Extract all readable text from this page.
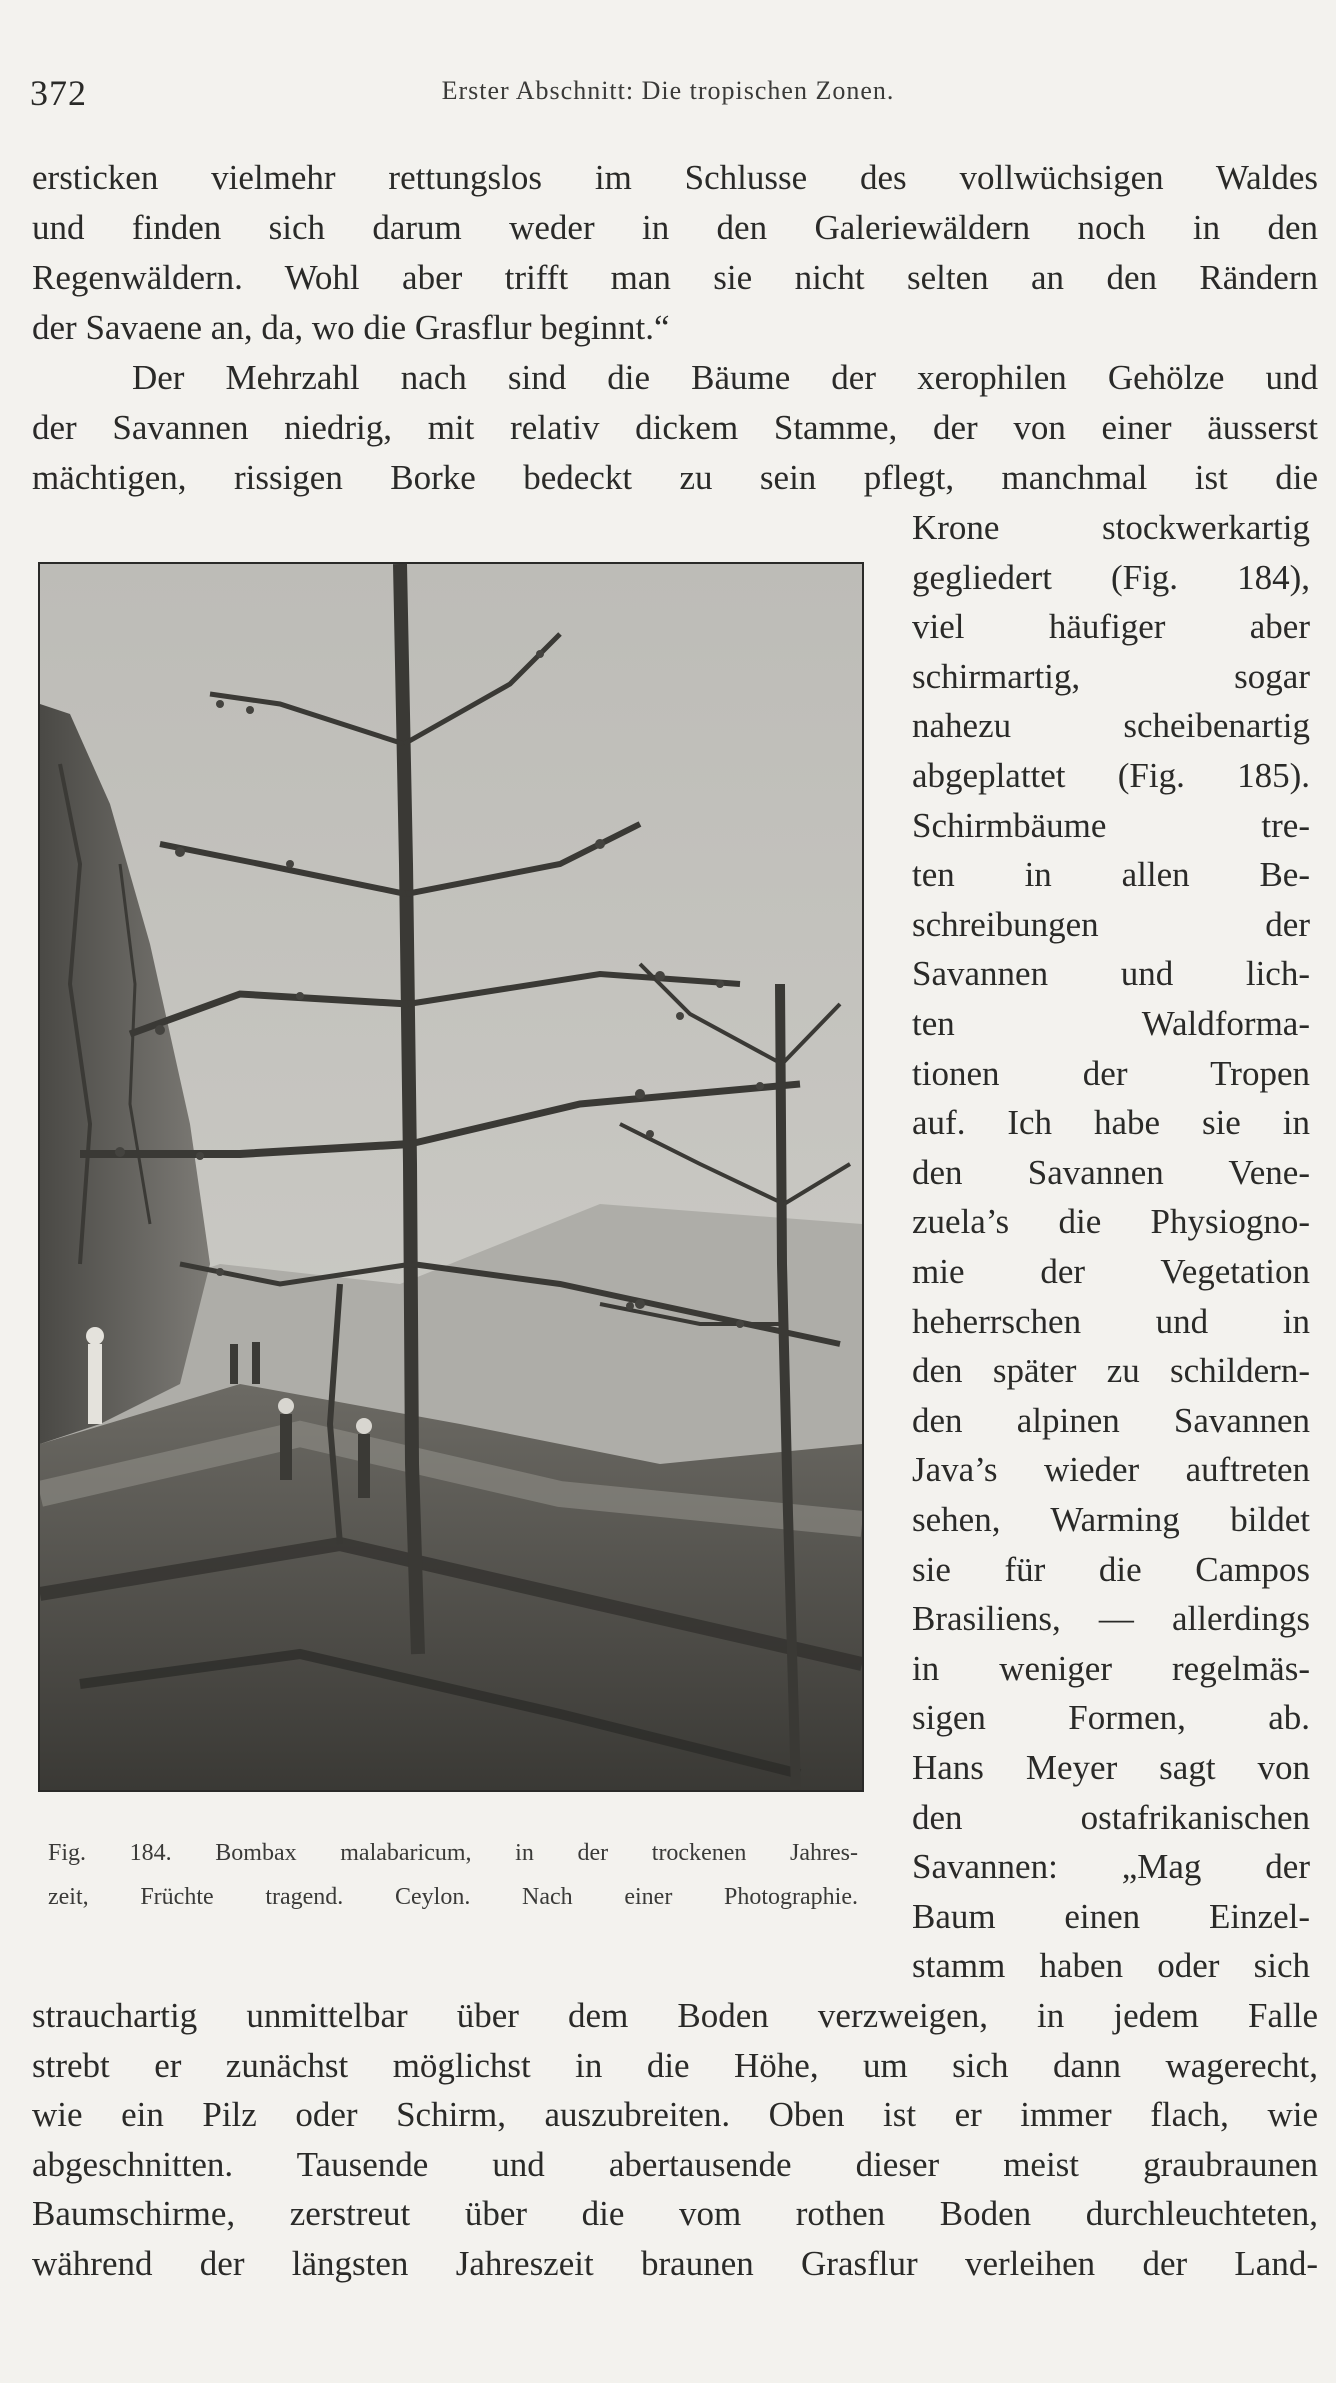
372	Erster Abschnitt: Die tropischen Zonen.
ersticken vielmehr rettungslos im Schlusse des vollwüchsigen Waldes
und finden sich darum weder in den Galeriewäldern noch in den
Regenwäldern. Wohl aber trifft man sie nicht selten an den Rändern
der Savaene an, da, wo die Grasflur beginnt.“
Der Mehrzahl nach sind die Bäume der xerophilen Gehölze und
der Savannen niedrig, mit relativ dickem Stamme, der von einer äusserst
mächtigen, rissigen Borke bedeckt zu sein pflegt, manchmal ist die
Krone stockwerkartig
gegliedert (Fig. 184),
viel häufiger aber
schirmartig, sogar
nahezu scheibenartig
abgeplattet (Fig. 185).
Schirmbäume tre-
ten in allen Be-
schreibungen der
Savannen und lich-
ten Waldforma-
tionen der Tropen
auf. Ich habe sie in
den Savannen Vene-
zuela’s die Physiogno-
mie der Vegetation
heherrschen und in
den später zu schildern-
den alpinen Savannen
Java’s wieder auftreten
sehen, Warming bildet
sie für die Campos
Brasiliens, — allerdings
in weniger regelmäs-
sigen Formen, ab.
Hans Meyer sagt von
den ostafrikanischen
Savannen: „Mag der
Baum einen Einzel-
stamm haben oder sich
Fig. 184. Bombax malabaricum, in der trockenen Jahres-
zeit, Früchte tragend. Ceylon. Nach einer Photographie.
strauchartig unmittelbar über dem Boden verzweigen, in jedem Falle
strebt er zunächst möglichst in die Höhe, um sich dann wagerecht,
wie ein Pilz oder Schirm, auszubreiten. Oben ist er immer flach, wie
abgeschnitten. Tausende und abertausende dieser meist graubraunen
Baumschirme, zerstreut über die vom rothen Boden durchleuchteten,
während der längsten Jahreszeit braunen Grasflur verleihen der Land-
